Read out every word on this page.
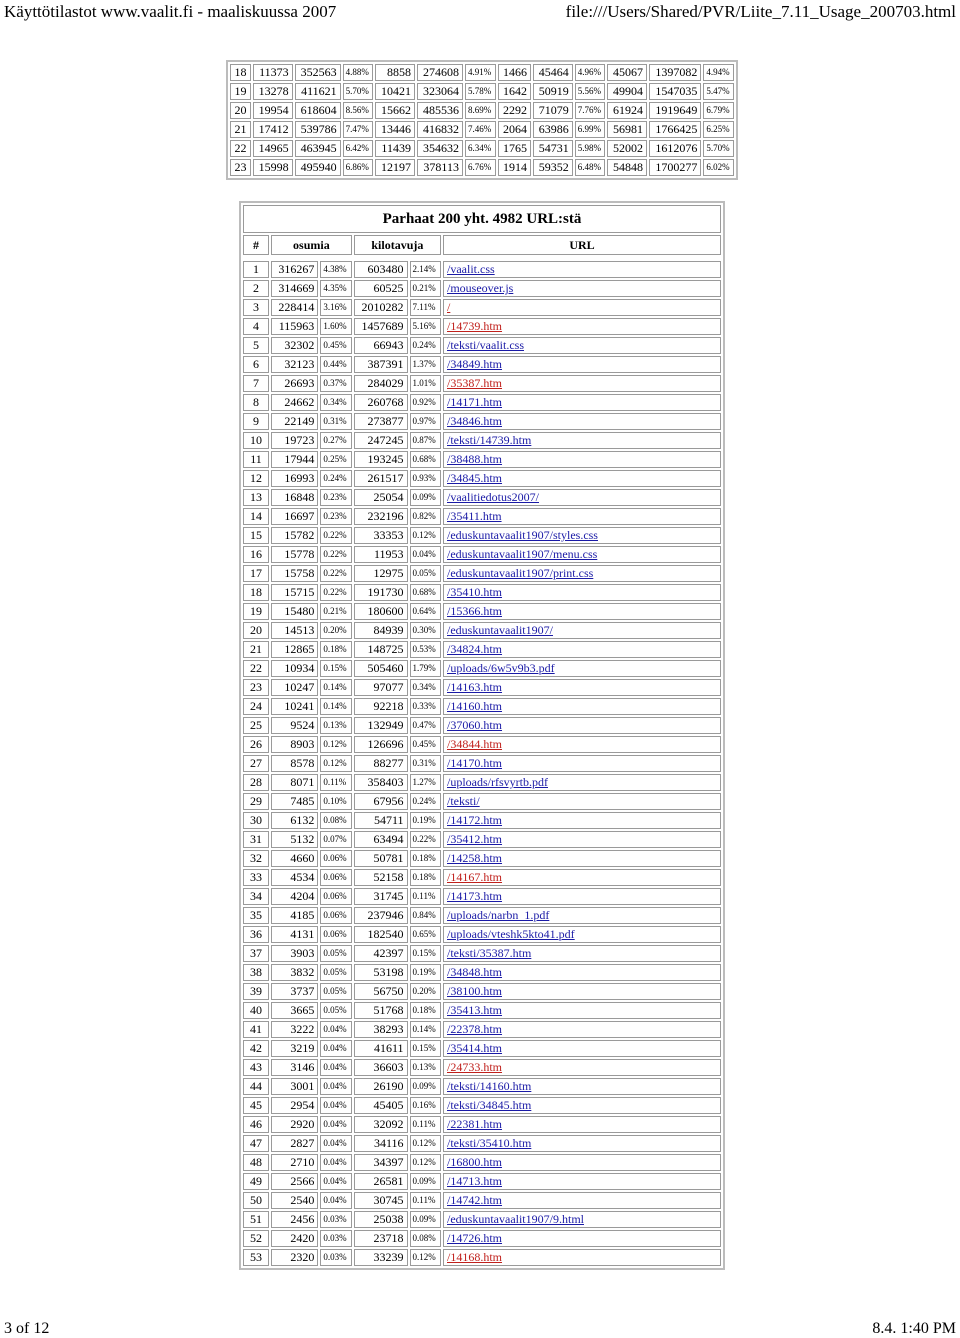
Käyttötilastot www.vaalit.fi - maaliskuussa 2007	file:///Users/Shared/PVR/Liite_7.11_Usage_200703.html
18	11373	352563	4.88%	8858	274608	4.91%	1466	45464	4.96%	45067	1397082	4.94%
19	13278	411621	5.70%	10421	323064	5.78%	1642	50919	5.56%	49904	1547035	5.47%
20	19954	618604	8.56%	15662	485536	8.69%	2292	71079	7.76%	61924	1919649	6.79%
21	17412	539786	7.47%	13446	416832	7.46%	2064	63986	6.99%	56981	1766425	6.25%
22	14965	463945	6.42%	11439	354632	6.34%	1765	54731	5.98%	52002	1612076	5.70%
23	15998	495940	6.86%	12197	378113	6.76%	1914	59352	6.48%	54848	1700277	6.02%
Parhaat 200 yht. 4982 URL:stä					
#	osumia		kilotavuja		URL

1	316267	4.38%	603480	2.14%	/vaalit.css
2	314669	4.35%	60525	0.21%	/mouseover.js
3	228414	3.16%	2010282	7.11%	/
4	115963	1.60%	1457689	5.16%	/14739.htm
5	32302	0.45%	66943	0.24%	/teksti/vaalit.css
6	32123	0.44%	387391	1.37%	/34849.htm
7	26693	0.37%	284029	1.01%	/35387.htm
8	24662	0.34%	260768	0.92%	/14171.htm
9	22149	0.31%	273877	0.97%	/34846.htm
10	19723	0.27%	247245	0.87%	/teksti/14739.htm
11	17944	0.25%	193245	0.68%	/38488.htm
12	16993	0.24%	261517	0.93%	/34845.htm
13	16848	0.23%	25054	0.09%	/vaalitiedotus2007/
14	16697	0.23%	232196	0.82%	/35411.htm
15	15782	0.22%	33353	0.12%	/eduskuntavaalit1907/styles.css
16	15778	0.22%	11953	0.04%	/eduskuntavaalit1907/menu.css
17	15758	0.22%	12975	0.05%	/eduskuntavaalit1907/print.css
18	15715	0.22%	191730	0.68%	/35410.htm
19	15480	0.21%	180600	0.64%	/15366.htm
20	14513	0.20%	84939	0.30%	/eduskuntavaalit1907/
21	12865	0.18%	148725	0.53%	/34824.htm
22	10934	0.15%	505460	1.79%	/uploads/6w5v9b3.pdf
23	10247	0.14%	97077	0.34%	/14163.htm
24	10241	0.14%	92218	0.33%	/14160.htm
25	9524	0.13%	132949	0.47%	/37060.htm
26	8903	0.12%	126696	0.45%	/34844.htm
27	8578	0.12%	88277	0.31%	/14170.htm
28	8071	0.11%	358403	1.27%	/uploads/rfsvyrtb.pdf
29	7485	0.10%	67956	0.24%	/teksti/
30	6132	0.08%	54711	0.19%	/14172.htm
31	5132	0.07%	63494	0.22%	/35412.htm
32	4660	0.06%	50781	0.18%	/14258.htm
33	4534	0.06%	52158	0.18%	/14167.htm
34	4204	0.06%	31745	0.11%	/14173.htm
35	4185	0.06%	237946	0.84%	/uploads/narbn_1.pdf
36	4131	0.06%	182540	0.65%	/uploads/vteshk5kto41.pdf
37	3903	0.05%	42397	0.15%	/teksti/35387.htm
38	3832	0.05%	53198	0.19%	/34848.htm
39	3737	0.05%	56750	0.20%	/38100.htm
40	3665	0.05%	51768	0.18%	/35413.htm
41	3222	0.04%	38293	0.14%	/22378.htm
42	3219	0.04%	41611	0.15%	/35414.htm
43	3146	0.04%	36603	0.13%	/24733.htm
44	3001	0.04%	26190	0.09%	/teksti/14160.htm
45	2954	0.04%	45405	0.16%	/teksti/34845.htm
46	2920	0.04%	32092	0.11%	/22381.htm
47	2827	0.04%	34116	0.12%	/teksti/35410.htm
48	2710	0.04%	34397	0.12%	/16800.htm
49	2566	0.04%	26581	0.09%	/14713.htm
50	2540	0.04%	30745	0.11%	/14742.htm
51	2456	0.03%	25038	0.09%	/eduskuntavaalit1907/9.html
52	2420	0.03%	23718	0.08%	/14726.htm
53	2320	0.03%	33239	0.12%	/14168.htm
3 of 12	8.4. 1:40 PM
